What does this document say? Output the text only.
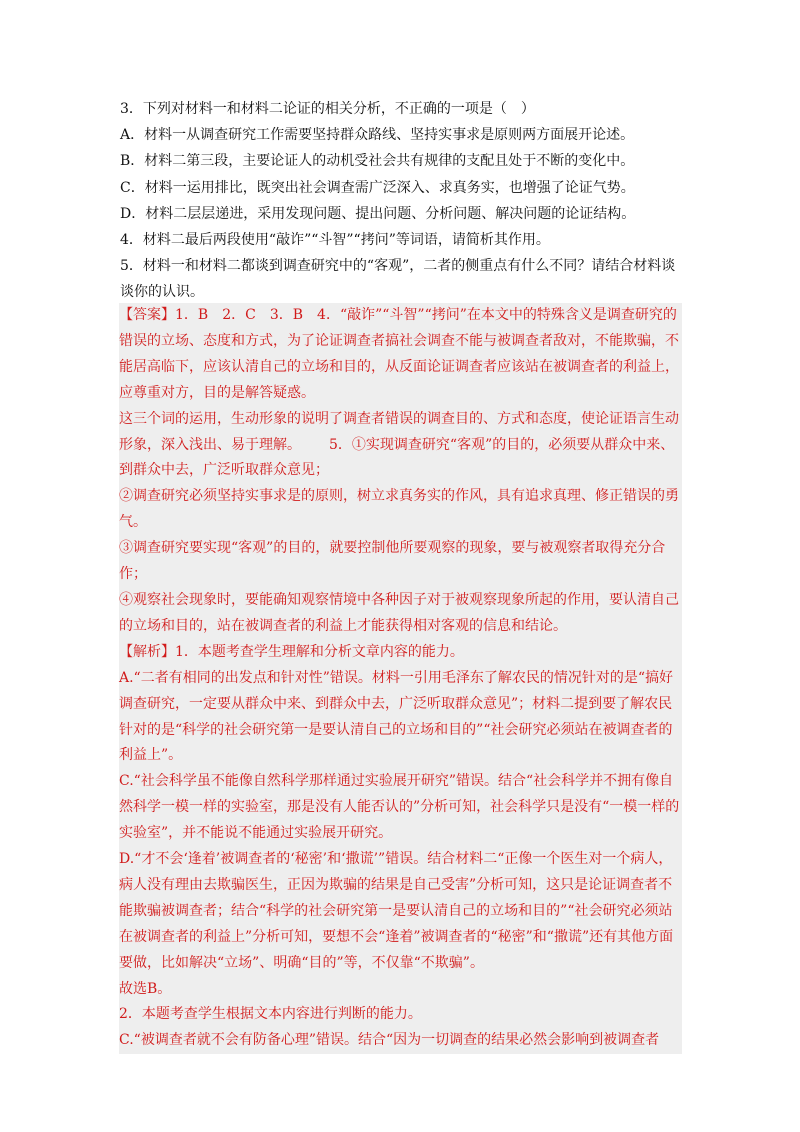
3．下列对材料一和材料二论证的相关分析，不正确的一项是（　）

A．材料一从调查研究工作需要坚持群众路线、坚持实事求是原则两方面展开论述。

B．材料二第三段，主要论证人的动机受社会共有规律的支配且处于不断的变化中。

C．材料一运用排比，既突出社会调查需广泛深入、求真务实，也增强了论证气势。

D．材料二层层递进，采用发现问题、提出问题、分析问题、解决问题的论证结构。

4．材料二最后两段使用“敲诈”“斗智”“拷问”等词语，请简析其作用。

5．材料一和材料二都谈到调查研究中的“客观”，二者的侧重点有什么不同？请结合材料谈谈你的认识。

【答案】1．B 2．C 3．B 4．“敲诈”“斗智”“拷问”在本文中的特殊含义是调查研究的错误的立场、态度和方式，为了论证调查者搞社会调查不能与被调查者敌对，不能欺骗，不能居高临下，应该认清自己的立场和目的，从反面论证调查者应该站在被调查者的利益上，应尊重对方，目的是解答疑惑。

这三个词的运用，生动形象的说明了调查者错误的调查目的、方式和态度，使论证语言生动形象，深入浅出、易于理解。 5．①实现调查研究“客观”的目的，必须要从群众中来、到群众中去，广泛听取群众意见；

②调查研究必须坚持实事求是的原则，树立求真务实的作风，具有追求真理、修正错误的勇气。

③调查研究要实现“客观”的目的，就要控制他所要观察的现象，要与被观察者取得充分合作；

④观察社会现象时，要能确知观察情境中各种因子对于被观察现象所起的作用，要认清自己的立场和目的，站在被调查者的利益上才能获得相对客观的信息和结论。

【解析】1．本题考查学生理解和分析文章内容的能力。

A.“二者有相同的出发点和针对性”错误。材料一引用毛泽东了解农民的情况针对的是“搞好调查研究，一定要从群众中来、到群众中去，广泛听取群众意见”；材料二提到要了解农民针对的是“科学的社会研究第一是要认清自己的立场和目的”“社会研究必须站在被调查者的利益上”。

C.“社会科学虽不能像自然科学那样通过实验展开研究”错误。结合“社会科学并不拥有像自然科学一模一样的实验室，那是没有人能否认的”分析可知，社会科学只是没有“一模一样的实验室”，并不能说不能通过实验展开研究。

D.“才不会‘逢着’被调查者的‘秘密’和‘撒谎’”错误。结合材料二“正像一个医生对一个病人，病人没有理由去欺骗医生，正因为欺骗的结果是自己受害”分析可知，这只是论证调查者不能欺骗被调查者；结合“科学的社会研究第一是要认清自己的立场和目的”“社会研究必须站在被调查者的利益上”分析可知，要想不会“逢着”被调查者的“秘密”和“撒谎”还有其他方面要做，比如解决“立场”、明确“目的”等，不仅靠“不欺骗”。

故选B。

2．本题考查学生根据文本内容进行判断的能力。

C.“被调查者就不会有防备心理”错误。结合“因为一切调查的结果必然会影响到被调查者
